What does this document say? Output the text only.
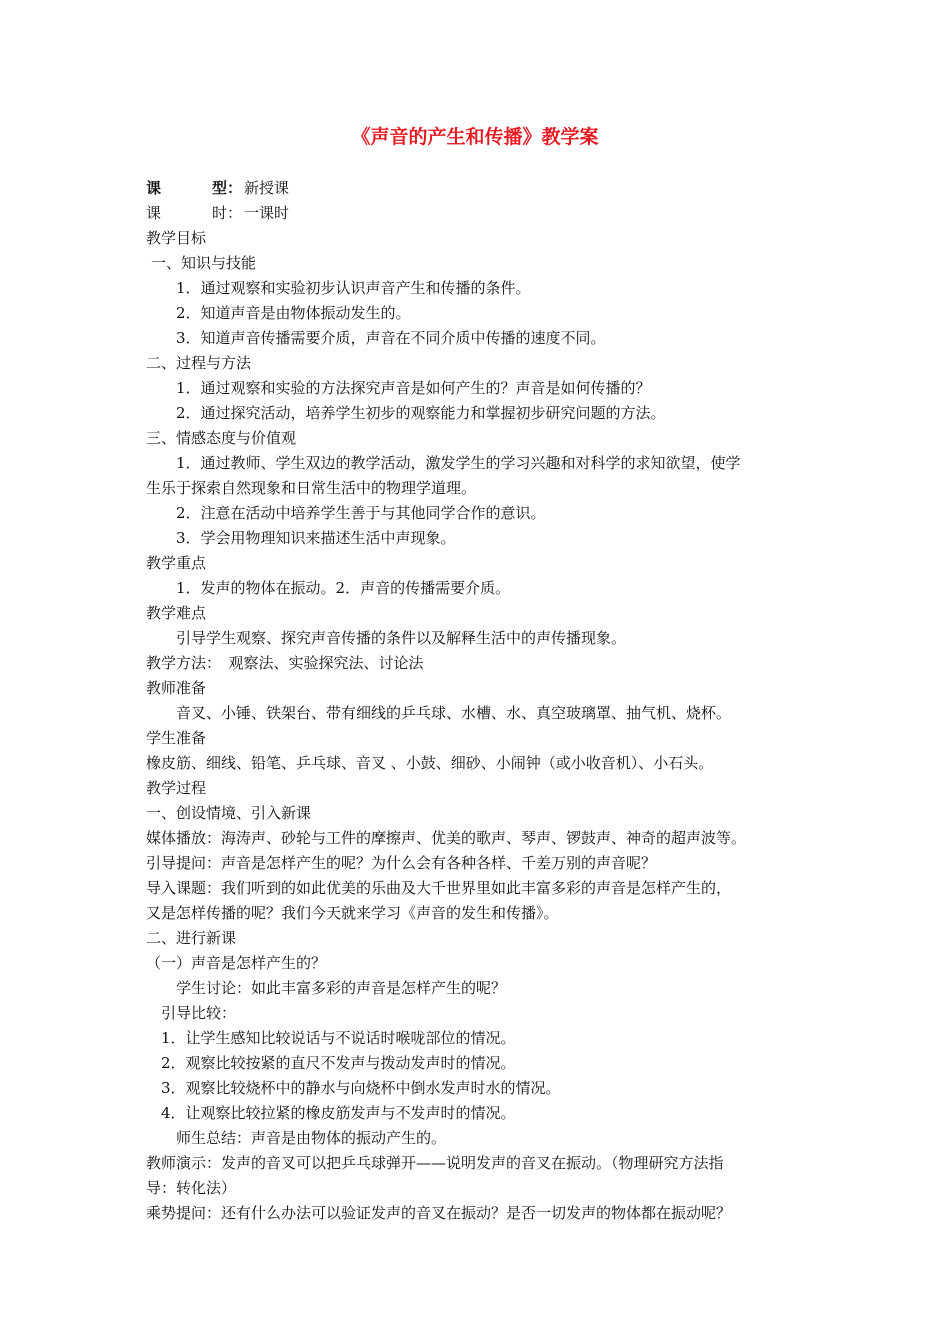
《声音的产生和传播》教学案
课	型： 新授课
课	时： 一课时
教学目标
一、知识与技能
1．通过观察和实验初步认识声音产生和传播的条件。
2．知道声音是由物体振动发生的。
3．知道声音传播需要介质，声音在不同介质中传播的速度不同。
二、过程与方法
1．通过观察和实验的方法探究声音是如何产生的？声音是如何传播的？
2．通过探究活动，培养学生初步的观察能力和掌握初步研究问题的方法。
三、情感态度与价值观
1．通过教师、学生双边的教学活动，激发学生的学习兴趣和对科学的求知欲望，使学
生乐于探索自然现象和日常生活中的物理学道理。
2．注意在活动中培养学生善于与其他同学合作的意识。
3．学会用物理知识来描述生活中声现象。
教学重点
1．发声的物体在振动。2．声音的传播需要介质。
教学难点
引导学生观察、探究声音传播的条件以及解释生活中的声传播现象。
教学方法：　观察法、实验探究法、讨论法
教师准备
音叉、小锤、铁架台、带有细线的乒乓球、水槽、水、真空玻璃罩、抽气机、烧杯。
学生准备
橡皮筋、细线、铅笔、乒乓球、音叉 、小鼓、细砂、小闹钟（或小收音机）、小石头。
教学过程
一、创设情境、引入新课
媒体播放：海涛声、砂轮与工件的摩擦声、优美的歌声、琴声、锣鼓声、神奇的超声波等。
引导提问：声音是怎样产生的呢？为什么会有各种各样、千差万别的声音呢？
导入课题：我们听到的如此优美的乐曲及大千世界里如此丰富多彩的声音是怎样产生的，
又是怎样传播的呢？我们今天就来学习《声音的发生和传播》。
二、进行新课
（一）声音是怎样产生的？
学生讨论：如此丰富多彩的声音是怎样产生的呢？
引导比较：
1．让学生感知比较说话与不说话时喉咙部位的情况。
2．观察比较按紧的直尺不发声与拨动发声时的情况。
3．观察比较烧杯中的静水与向烧杯中倒水发声时水的情况。
4．让观察比较拉紧的橡皮筋发声与不发声时的情况。
师生总结：声音是由物体的振动产生的。
教师演示：发声的音叉可以把乒乓球弹开——说明发声的音叉在振动。（物理研究方法指
导：转化法）
乘势提问：还有什么办法可以验证发声的音叉在振动？是否一切发声的物体都在振动呢？
